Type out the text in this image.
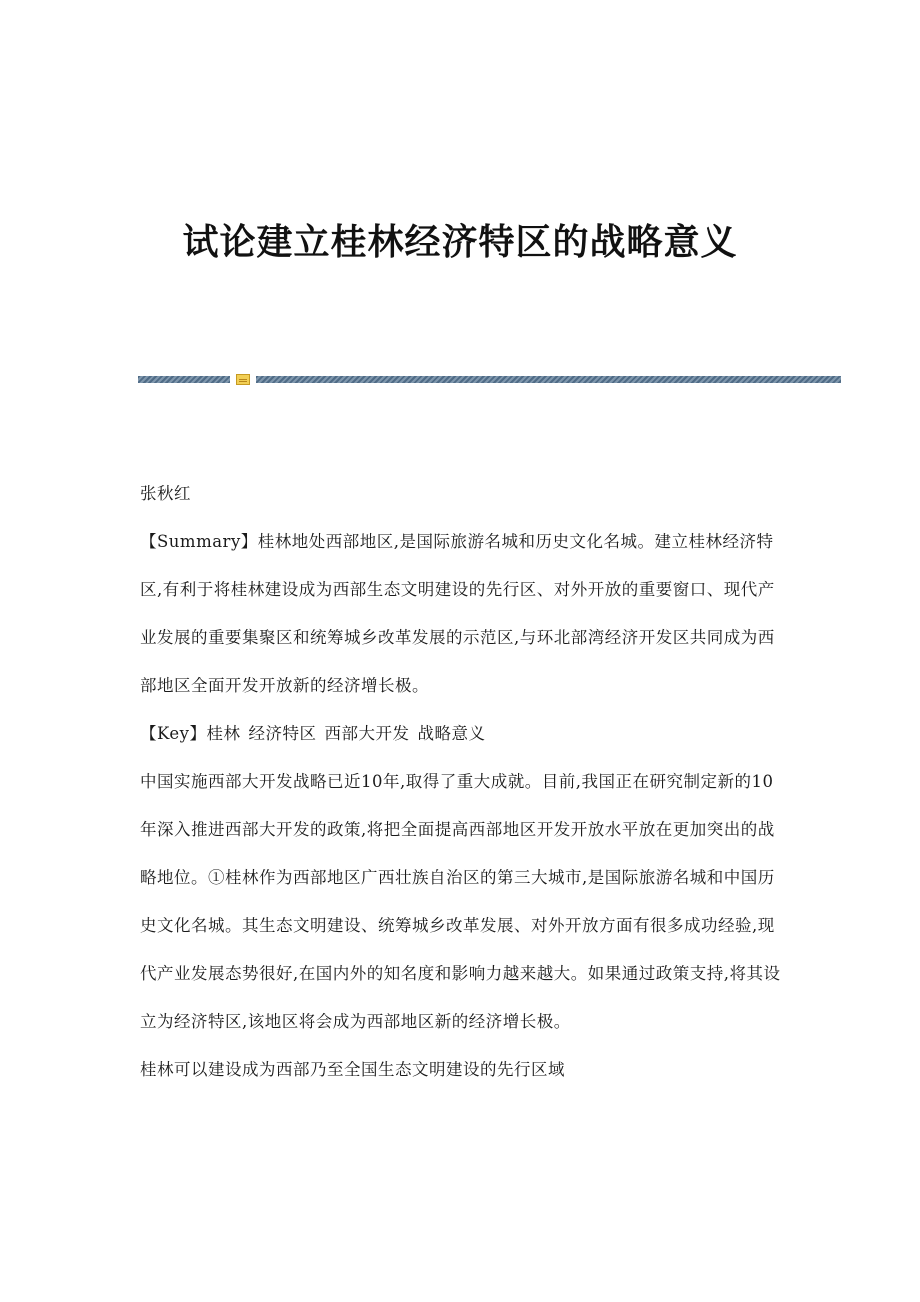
试论建立桂林经济特区的战略意义

张秋红

【Summary】桂林地处西部地区,是国际旅游名城和历史文化名城。建立桂林经济特区,有利于将桂林建设成为西部生态文明建设的先行区、对外开放的重要窗口、现代产业发展的重要集聚区和统筹城乡改革发展的示范区,与环北部湾经济开发区共同成为西部地区全面开发开放新的经济增长极。

【Key】桂林 经济特区 西部大开发 战略意义

中国实施西部大开发战略已近10年,取得了重大成就。目前,我国正在研究制定新的10年深入推进西部大开发的政策,将把全面提高西部地区开发开放水平放在更加突出的战略地位。①桂林作为西部地区广西壮族自治区的第三大城市,是国际旅游名城和中国历史文化名城。其生态文明建设、统筹城乡改革发展、对外开放方面有很多成功经验,现代产业发展态势很好,在国内外的知名度和影响力越来越大。如果通过政策支持,将其设立为经济特区,该地区将会成为西部地区新的经济增长极。

桂林可以建设成为西部乃至全国生态文明建设的先行区域
